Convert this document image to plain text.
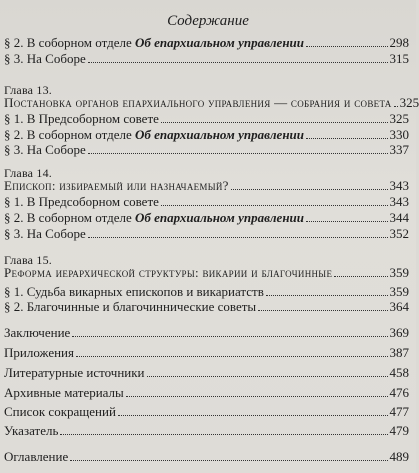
Содержание
§ 2. В соборном отделе Об епархиальном управлении	298
§ 3. На Соборе	315
Глава 13.
Постановка органов епархиального управления — собрания и совета 325
§ 1. В Предсоборном совете	325
§ 2. В соборном отделе Об епархиальном управлении	330
§ 3. На Соборе	337
Глава 14.
Епископ: избираемый или назначаемый?	343
§ 1. В Предсоборном совете	343
§ 2. В соборном отделе Об епархиальном управлении	344
§ 3. На Соборе	352
Глава 15.
Реформа иерархической структуры: викарии и благочинные	359
§ 1. Судьба викарных епископов и викариатств	359
§ 2. Благочинные и благочиннические советы	364
Заключение	369
Приложения	387
Литературные источники	458
Архивные материалы	476
Список сокращений	477
Указатель	479
Оглавление	489
